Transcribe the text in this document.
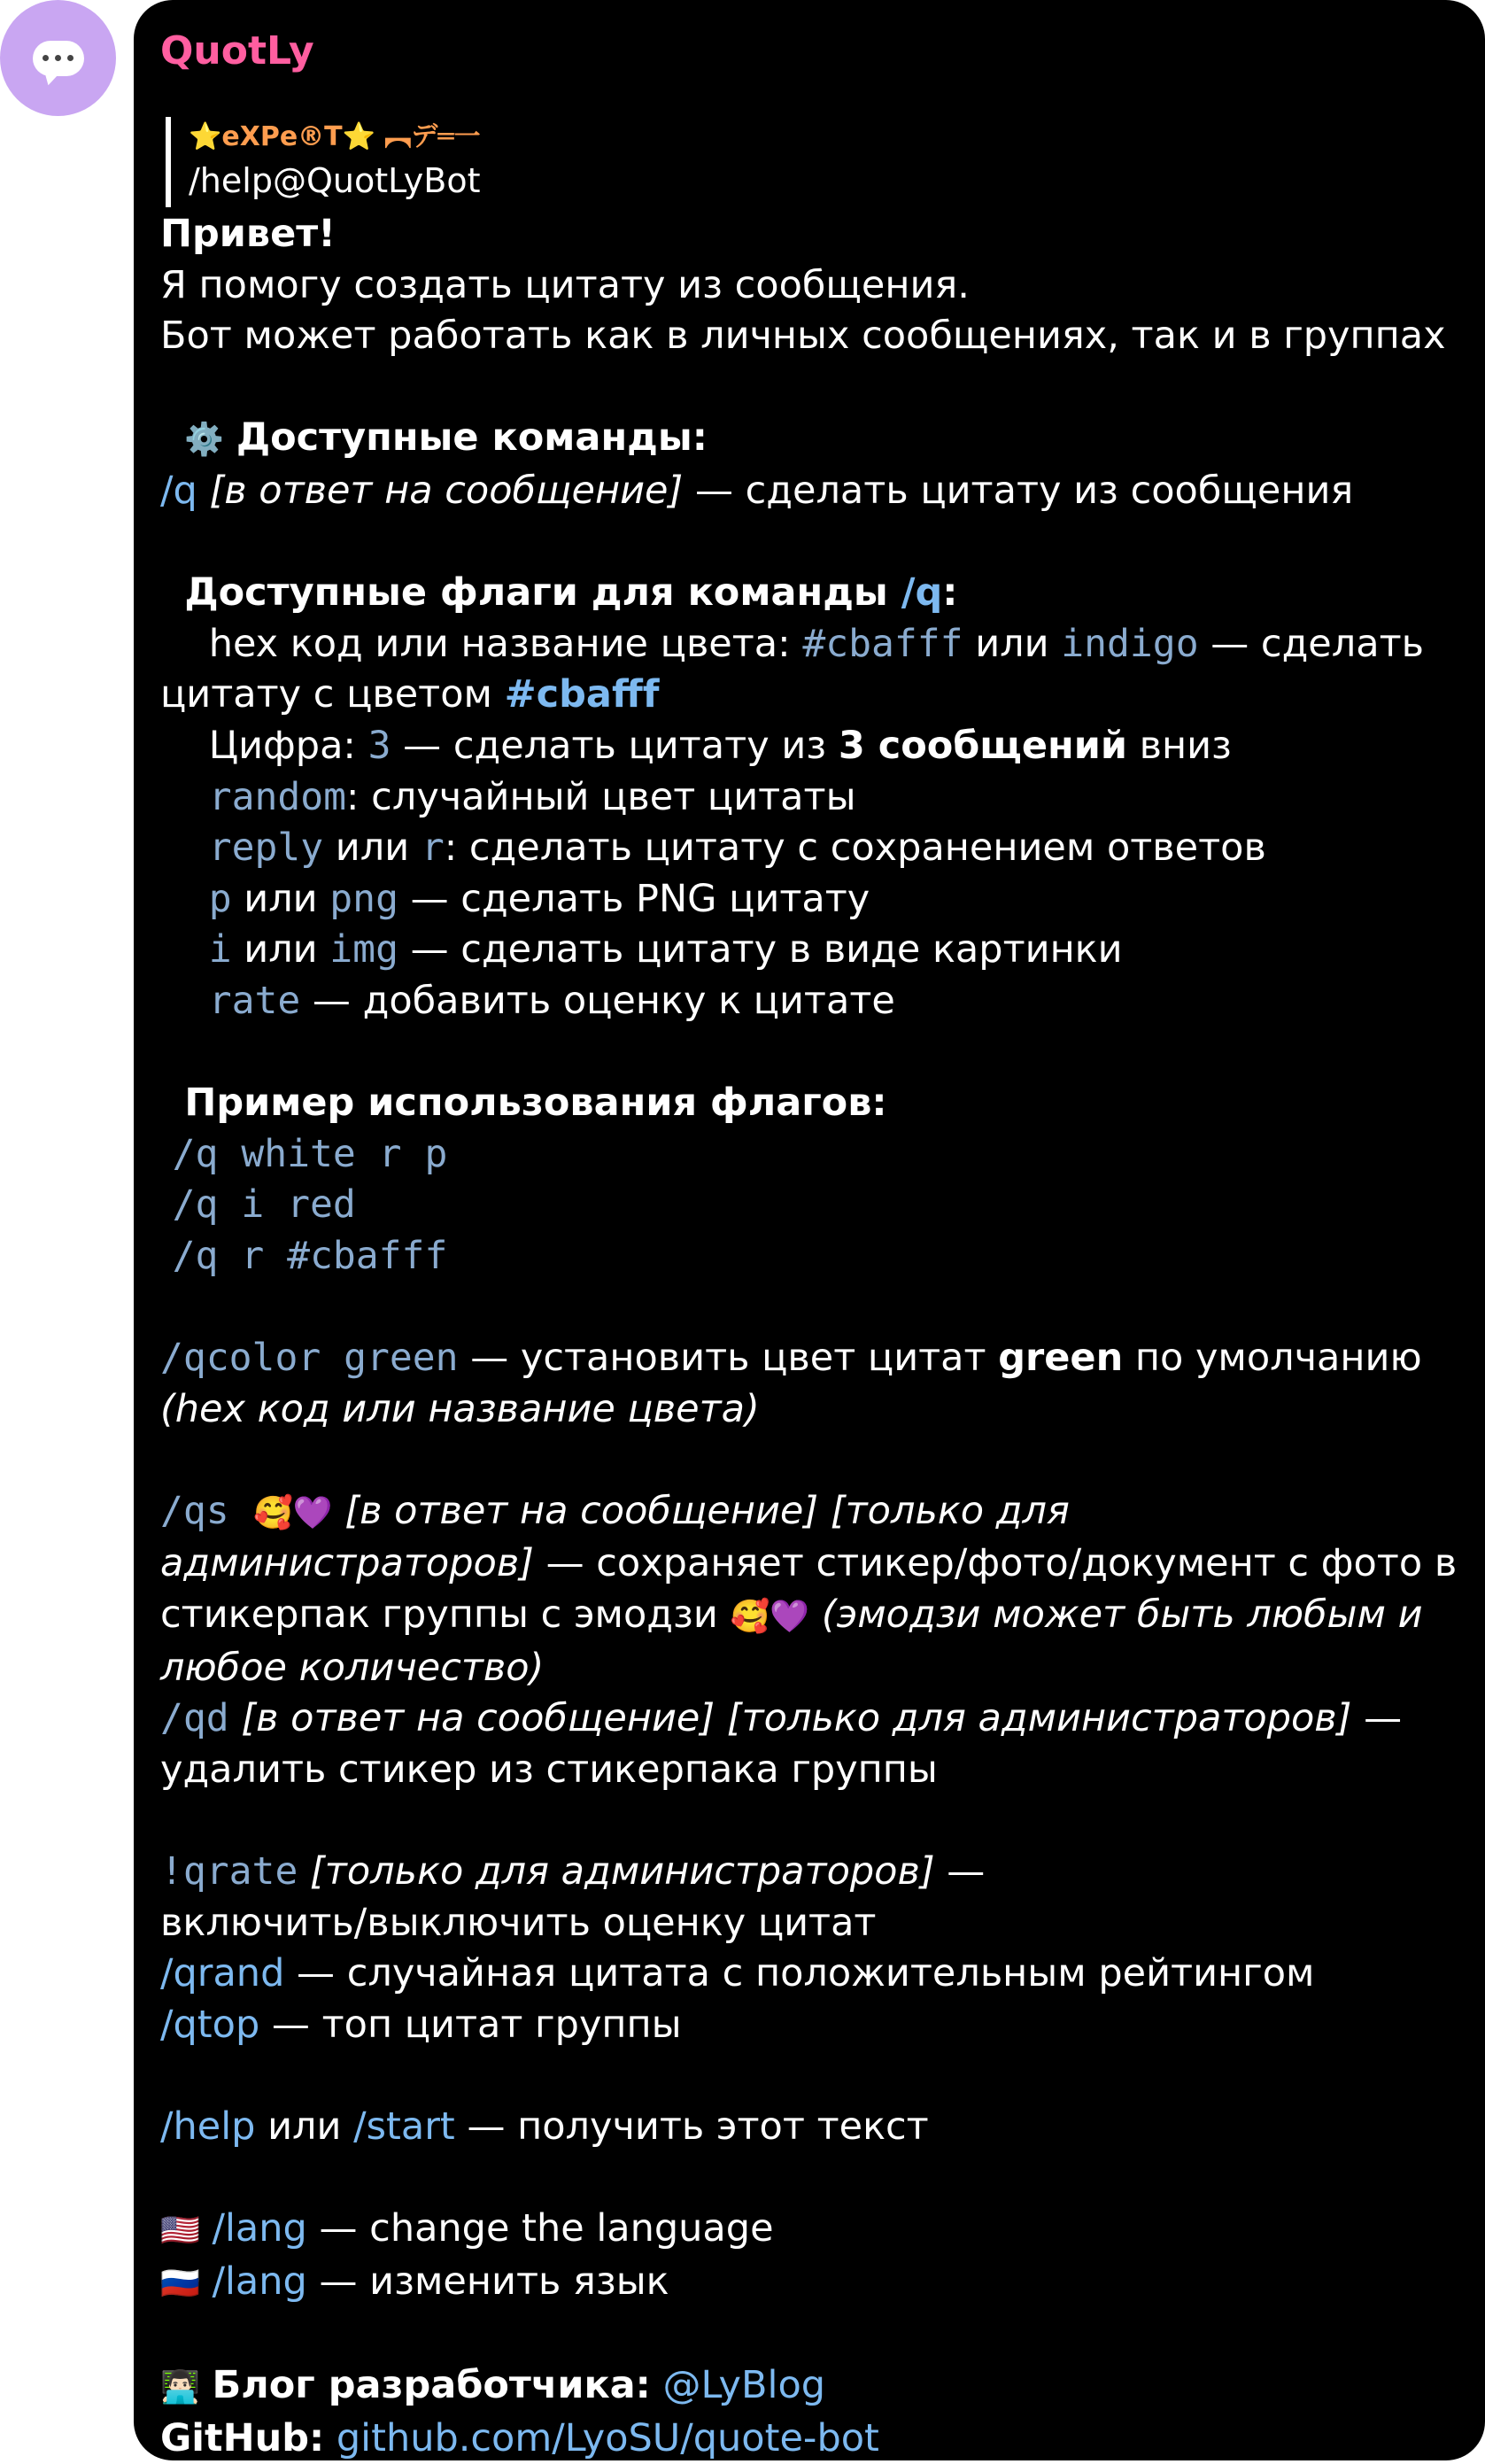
QuotLy
⭐eXPe®T⭐ ︻デ═一
/help@QuotLyBot
Привет!
Я помогу создать цитату из сообщения.
Бот может работать как в личных сообщениях, так и в группах
⚙️ Доступные команды:
/q [в ответ на сообщение] — сделать цитату из сообщения
Доступные флаги для команды /q:
hex код или название цвета: #cbafff или indigo — сделать
цитату с цветом #cbafff
Цифра: 3 — сделать цитату из 3 сообщений вниз
random: случайный цвет цитаты
reply или r: сделать цитату с сохранением ответов
p или png — сделать PNG цитату
i или img — сделать цитату в виде картинки
rate — добавить оценку к цитате
Пример использования флагов:
/q white r p
/q i red
/q r #cbafff
/qcolor green — установить цвет цитат green по умолчанию
(hex код или название цвета)
/qs 🥰💜 [в ответ на сообщение] [только для
администраторов] — сохраняет стикер/фото/документ с фото в
стикерпак группы с эмодзи 🥰💜 (эмодзи может быть любым и
любое количество)
/qd [в ответ на сообщение] [только для администраторов] —
удалить стикер из стикерпака группы
!qrate [только для администраторов] —
включить/выключить оценку цитат
/qrand — случайная цитата с положительным рейтингом
/qtop — топ цитат группы
/help или /start — получить этот текст
🇺🇸 /lang — change the language
🇷🇺 /lang — изменить язык
👨🏻‍💻 Блог разработчика: @LyBlog
GitHub: github.com/LyoSU/quote-bot
